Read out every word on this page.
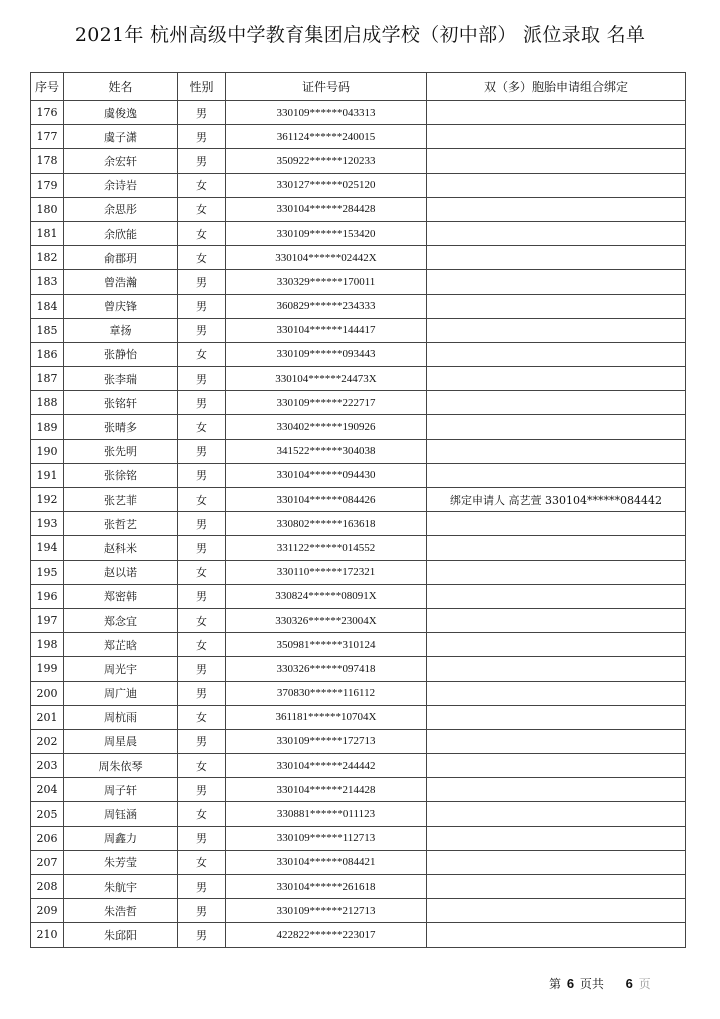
2021年 杭州高级中学教育集团启成学校（初中部） 派位录取 名单
序号	姓名	性别	证件号码	双（多）胞胎申请组合绑定
176	虞俊逸	男	330109******043313	
177	虞子潇	男	361124******240015	
178	余宏轩	男	350922******120233	
179	余诗岩	女	330127******025120	
180	余思彤	女	330104******284428	
181	余欣能	女	330109******153420	
182	俞郡玥	女	330104******02442X	
183	曾浩瀚	男	330329******170011	
184	曾庆锋	男	360829******234333	
185	章扬	男	330104******144417	
186	张静怡	女	330109******093443	
187	张李瑞	男	330104******24473X	
188	张铭轩	男	330109******222717	
189	张晴多	女	330402******190926	
190	张先明	男	341522******304038	
191	张徐铭	男	330104******094430	
192	张艺菲	女	330104******084426	绑定申请人 高艺萱 330104******084442
193	张哲艺	男	330802******163618	
194	赵科米	男	331122******014552	
195	赵以诺	女	330110******172321	
196	郑密韩	男	330824******08091X	
197	郑念宜	女	330326******23004X	
198	郑芷晗	女	350981******310124	
199	周光宇	男	330326******097418	
200	周广迪	男	370830******116112	
201	周杭雨	女	361181******10704X	
202	周星晨	男	330109******172713	
203	周朱依琴	女	330104******244442	
204	周子轩	男	330104******214428	
205	周钰涵	女	330881******011123	
206	周鑫力	男	330109******112713	
207	朱芳莹	女	330104******084421	
208	朱航宇	男	330104******261618	
209	朱浩哲	男	330109******212713	
210	朱邱阳	男	422822******223017	
第 6 页共 6 页
